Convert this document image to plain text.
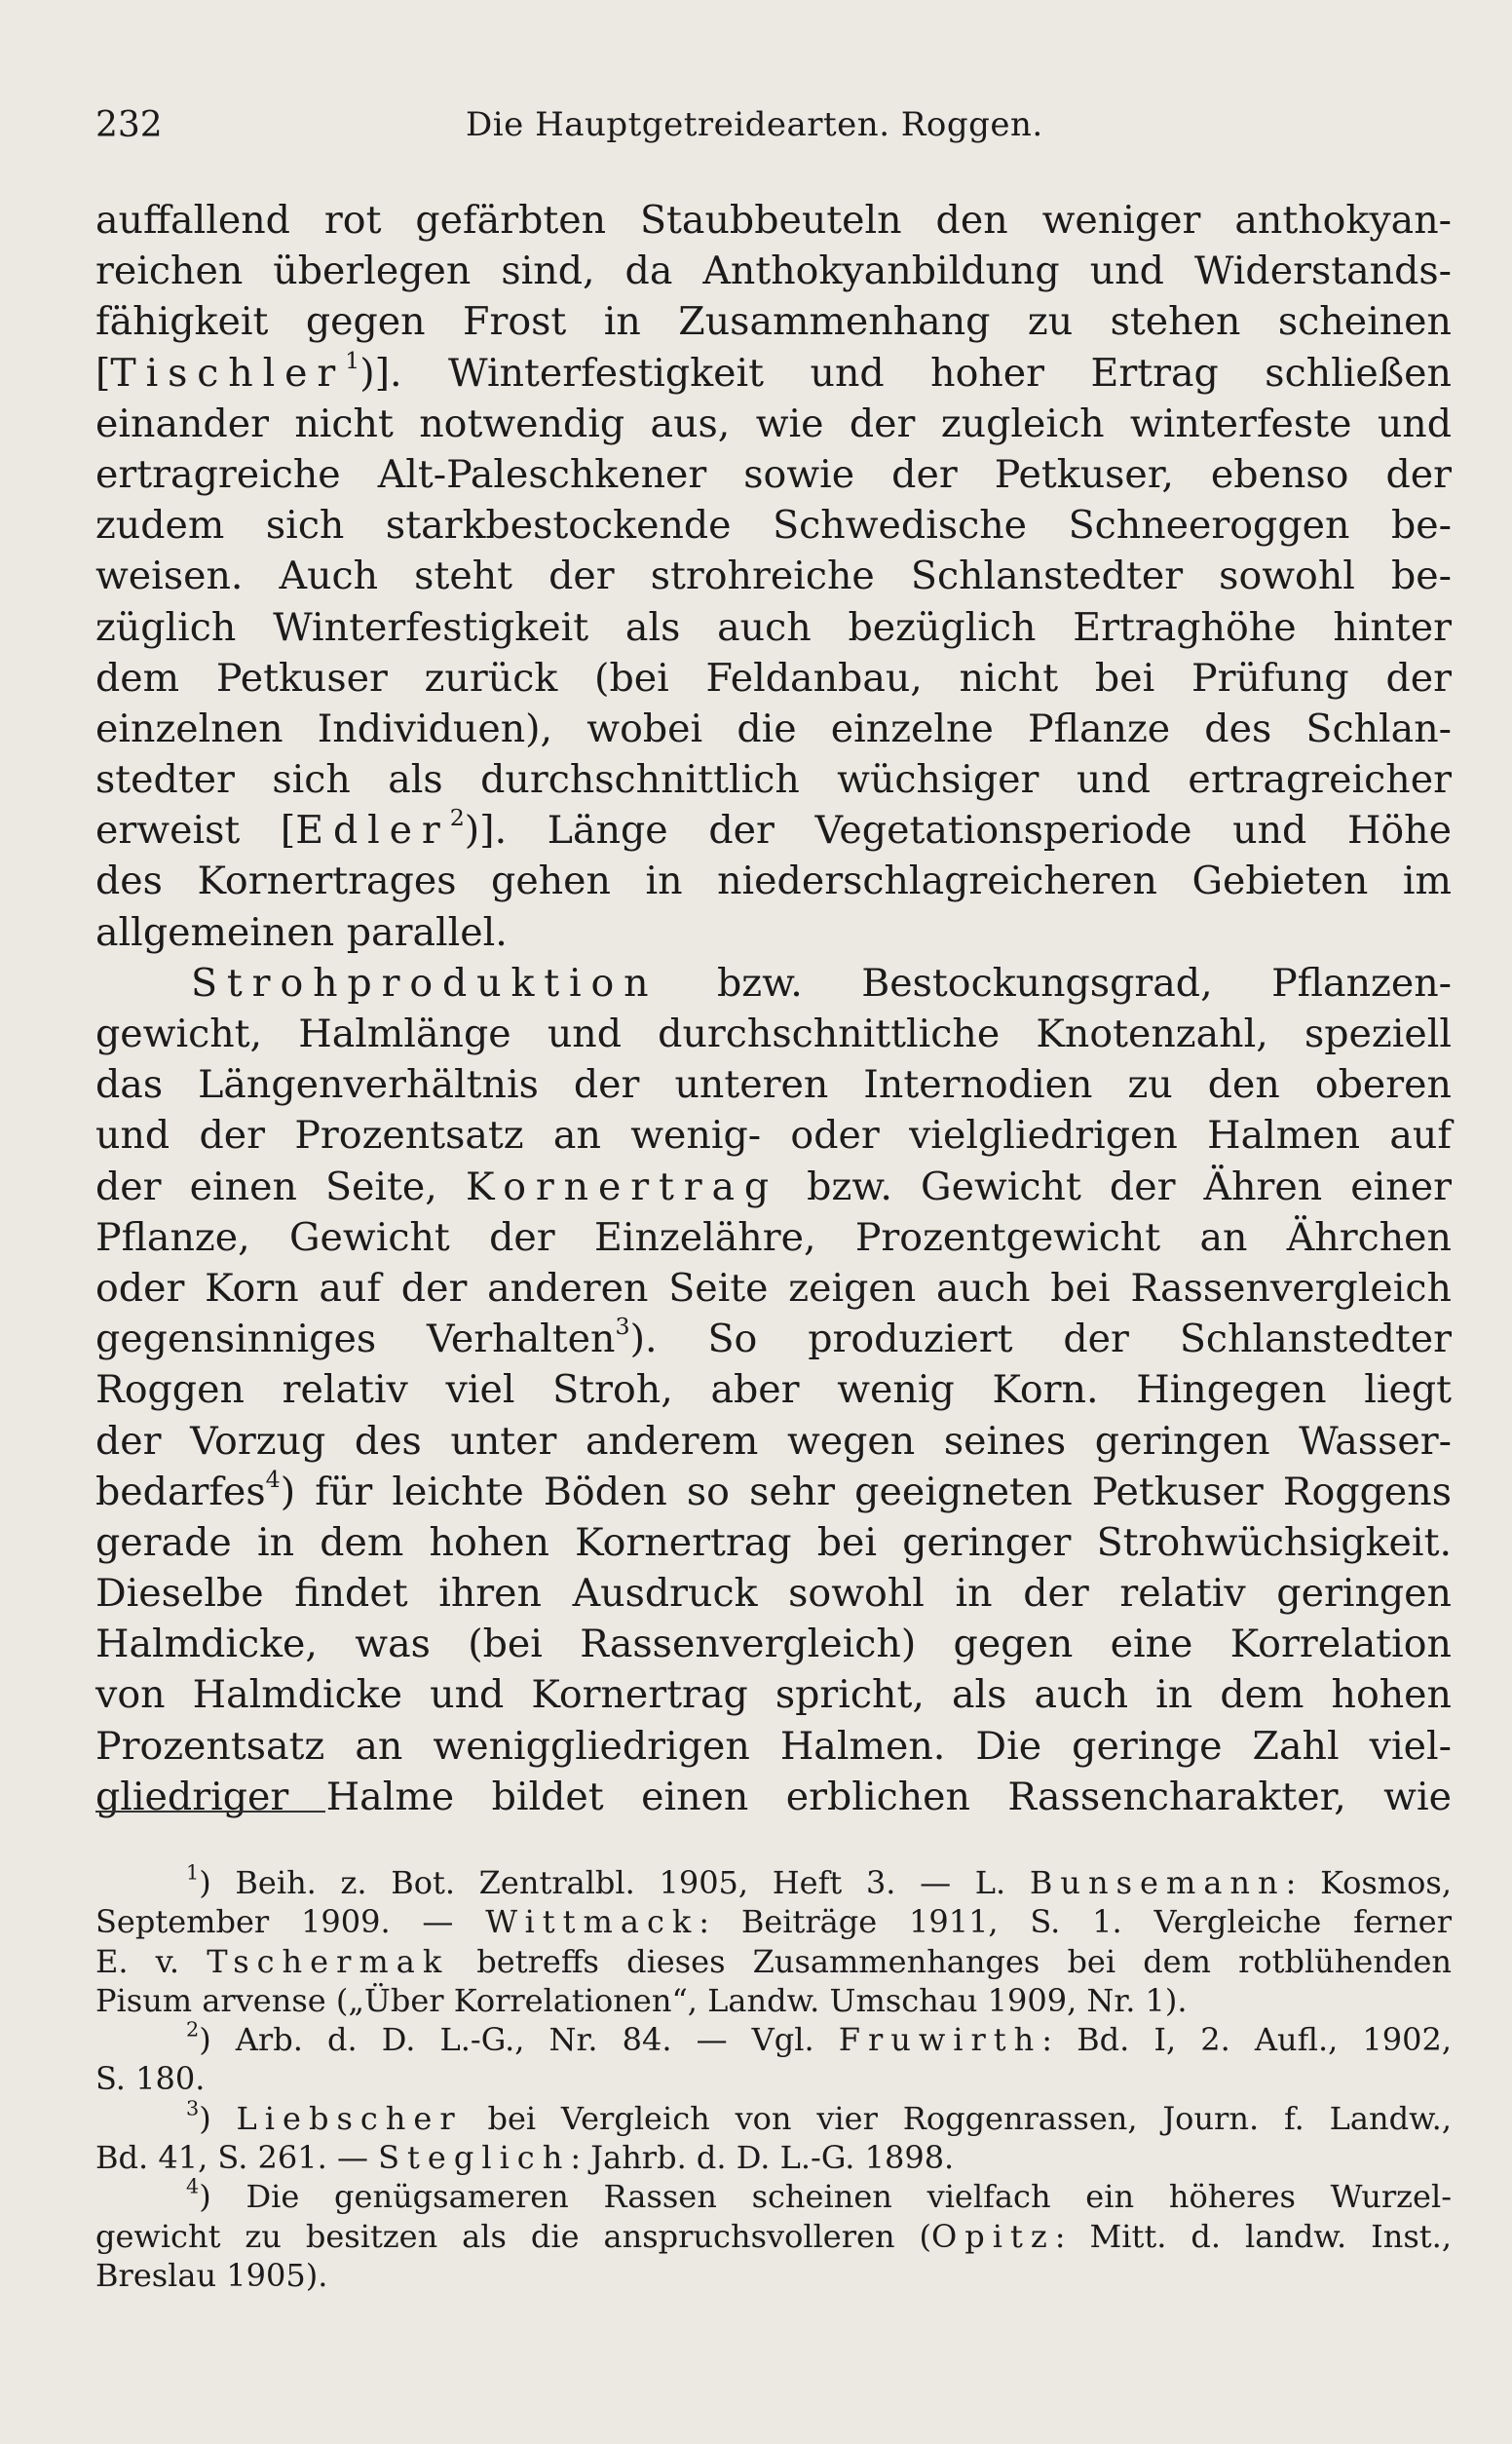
232	Die Hauptgetreidearten. Roggen.
auffallend rot gefärbten Staubbeuteln den weniger anthokyan-
reichen überlegen sind, da Anthokyanbildung und Widerstands-
fähigkeit gegen Frost in Zusammenhang zu stehen scheinen
[Tischler$^1$)]. Winterfestigkeit und hoher Ertrag schließen
einander nicht notwendig aus, wie der zugleich winterfeste und
ertragreiche Alt-Paleschkener sowie der Petkuser, ebenso der
zudem sich starkbestockende Schwedische Schneeroggen be-
weisen. Auch steht der strohreiche Schlanstedter sowohl be-
züglich Winterfestigkeit als auch bezüglich Ertraghöhe hinter
dem Petkuser zurück (bei Feldanbau, nicht bei Prüfung der
einzelnen Individuen), wobei die einzelne Pflanze des Schlan-
stedter sich als durchschnittlich wüchsiger und ertragreicher
erweist [Edler$^2$)]. Länge der Vegetationsperiode und Höhe
des Kornertrages gehen in niederschlagreicheren Gebieten im
allgemeinen parallel.
Strohproduktion bzw. Bestockungsgrad, Pflanzen-
gewicht, Halmlänge und durchschnittliche Knotenzahl, speziell
das Längenverhältnis der unteren Internodien zu den oberen
und der Prozentsatz an wenig- oder vielgliedrigen Halmen auf
der einen Seite, Kornertrag bzw. Gewicht der Ähren einer
Pflanze, Gewicht der Einzelähre, Prozentgewicht an Ährchen
oder Korn auf der anderen Seite zeigen auch bei Rassenvergleich
gegensinniges Verhalten$^3$). So produziert der Schlanstedter
Roggen relativ viel Stroh, aber wenig Korn. Hingegen liegt
der Vorzug des unter anderem wegen seines geringen Wasser-
bedarfes$^4$) für leichte Böden so sehr geeigneten Petkuser Roggens
gerade in dem hohen Kornertrag bei geringer Strohwüchsigkeit.
Dieselbe findet ihren Ausdruck sowohl in der relativ geringen
Halmdicke, was (bei Rassenvergleich) gegen eine Korrelation
von Halmdicke und Kornertrag spricht, als auch in dem hohen
Prozentsatz an weniggliedrigen Halmen. Die geringe Zahl viel-
gliedriger Halme bildet einen erblichen Rassencharakter, wie
$^1$) Beih. z. Bot. Zentralbl. 1905, Heft 3. — L. Bunsemann: Kosmos,
September 1909. — Wittmack: Beiträge 1911, S. 1. Vergleiche ferner
E. v. Tschermak betreffs dieses Zusammenhanges bei dem rotblühenden
Pisum arvense („Über Korrelationen“, Landw. Umschau 1909, Nr. 1).
$^2$) Arb. d. D. L.-G., Nr. 84. — Vgl. Fruwirth: Bd. I, 2. Aufl., 1902,
S. 180.
$^3$) Liebscher bei Vergleich von vier Roggenrassen, Journ. f. Landw.,
Bd. 41, S. 261. — Steglich: Jahrb. d. D. L.-G. 1898.
$^4$) Die genügsameren Rassen scheinen vielfach ein höheres Wurzel-
gewicht zu besitzen als die anspruchsvolleren (Opitz: Mitt. d. landw. Inst.,
Breslau 1905).
